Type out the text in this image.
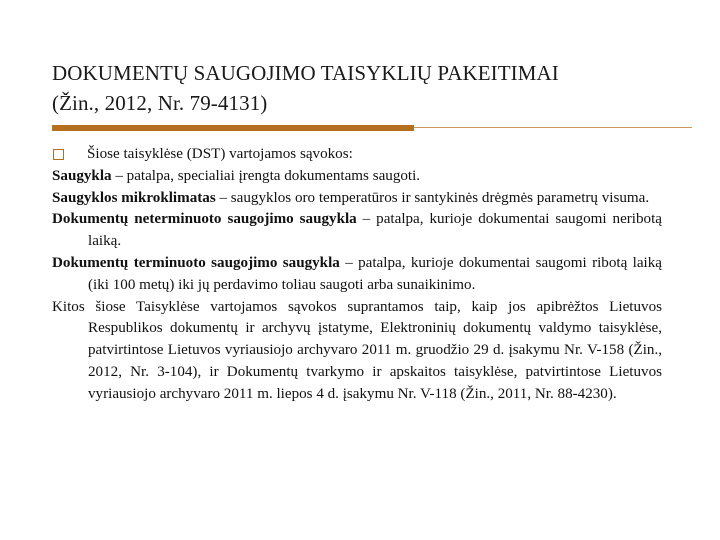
DOKUMENTŲ SAUGOJIMO TAISYKLIŲ PAKEITIMAI
(Žin., 2012, Nr. 79-4131)

Šiose taisyklėse (DST) vartojamos sąvokos:

Saugykla – patalpa, specialiai įrengta dokumentams saugoti.

Saugyklos mikroklimatas – saugyklos oro temperatūros ir santykinės drėgmės parametrų visuma.

Dokumentų neterminuoto saugojimo saugykla – patalpa, kurioje dokumentai saugomi neribotą laiką.

Dokumentų terminuoto saugojimo saugykla – patalpa, kurioje dokumentai saugomi ribotą laiką (iki 100 metų) iki jų perdavimo toliau saugoti arba sunaikinimo.

Kitos šiose Taisyklėse vartojamos sąvokos suprantamos taip, kaip jos apibrėžtos Lietuvos Respublikos dokumentų ir archyvų įstatyme, Elektroninių dokumentų valdymo taisyklėse, patvirtintose Lietuvos vyriausiojo archyvaro 2011 m. gruodžio 29 d. įsakymu Nr. V-158 (Žin., 2012, Nr. 3-104), ir Dokumentų tvarkymo ir apskaitos taisyklėse, patvirtintose Lietuvos vyriausiojo archyvaro 2011 m. liepos 4 d. įsakymu Nr. V-118 (Žin., 2011, Nr. 88-4230).
